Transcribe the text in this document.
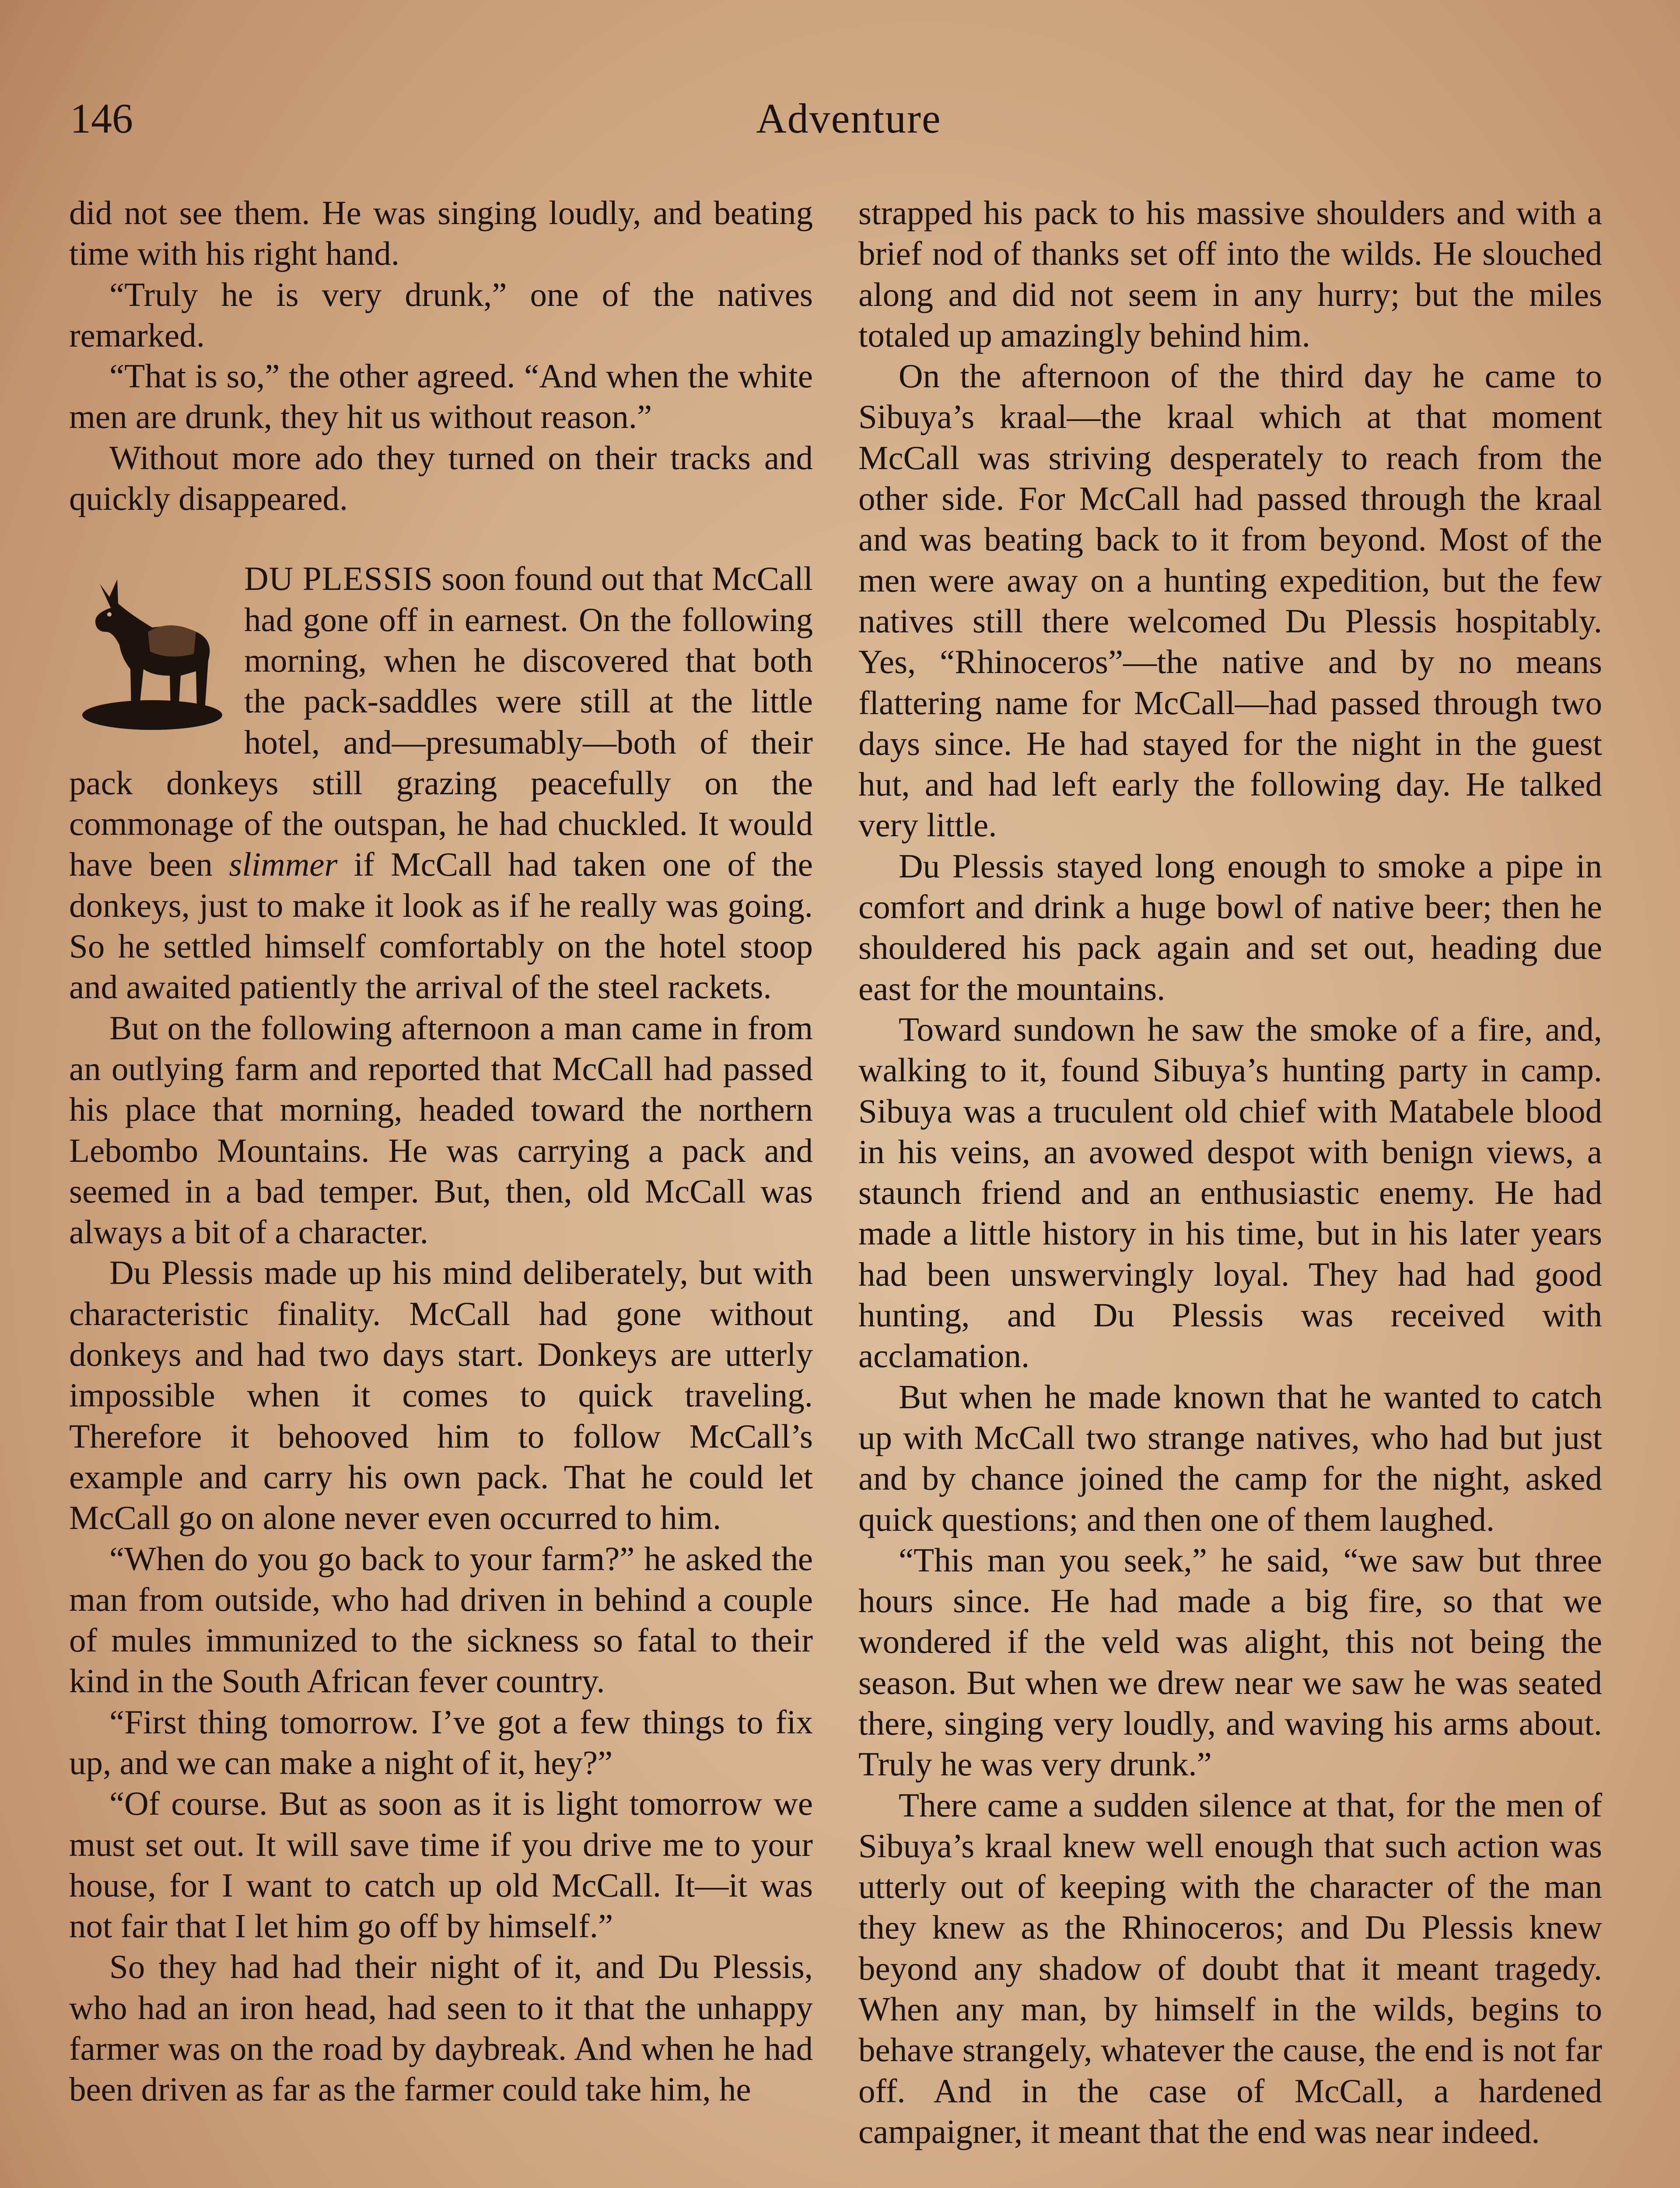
146	Adventure

did not see them. He was singing loudly, and beating time with his right hand.

“Truly he is very drunk,” one of the natives remarked.

“That is so,” the other agreed. “And when the white men are drunk, they hit us without reason.”

Without more ado they turned on their tracks and quickly disappeared.

DU PLESSIS soon found out that McCall had gone off in earnest. On the following morning, when he discovered that both the pack-saddles were still at the little hotel, and—presumably—both of their pack donkeys still grazing peacefully on the commonage of the outspan, he had chuckled. It would have been slimmer if McCall had taken one of the donkeys, just to make it look as if he really was going. So he settled himself comfortably on the hotel stoop and awaited patiently the arrival of the steel rackets.

But on the following afternoon a man came in from an outlying farm and reported that McCall had passed his place that morning, headed toward the northern Lebombo Mountains. He was carrying a pack and seemed in a bad temper. But, then, old McCall was always a bit of a character.

Du Plessis made up his mind deliberately, but with characteristic finality. McCall had gone without donkeys and had two days start. Donkeys are utterly impossible when it comes to quick traveling. Therefore it behooved him to follow McCall’s example and carry his own pack. That he could let McCall go on alone never even occurred to him.

“When do you go back to your farm?” he asked the man from outside, who had driven in behind a couple of mules immunized to the sickness so fatal to their kind in the South African fever country.

“First thing tomorrow. I’ve got a few things to fix up, and we can make a night of it, hey?”

“Of course. But as soon as it is light tomorrow we must set out. It will save time if you drive me to your house, for I want to catch up old McCall. It—it was not fair that I let him go off by himself.”

So they had had their night of it, and Du Plessis, who had an iron head, had seen to it that the unhappy farmer was on the road by daybreak. And when he had been driven as far as the farmer could take him, he

strapped his pack to his massive shoulders and with a brief nod of thanks set off into the wilds. He slouched along and did not seem in any hurry; but the miles totaled up amazingly behind him.

On the afternoon of the third day he came to Sibuya’s kraal—the kraal which at that moment McCall was striving desperately to reach from the other side. For McCall had passed through the kraal and was beating back to it from beyond. Most of the men were away on a hunting expedition, but the few natives still there welcomed Du Plessis hospitably. Yes, “Rhinoceros”—the native and by no means flattering name for McCall—had passed through two days since. He had stayed for the night in the guest hut, and had left early the following day. He talked very little.

Du Plessis stayed long enough to smoke a pipe in comfort and drink a huge bowl of native beer; then he shouldered his pack again and set out, heading due east for the mountains.

Toward sundown he saw the smoke of a fire, and, walking to it, found Sibuya’s hunting party in camp. Sibuya was a truculent old chief with Matabele blood in his veins, an avowed despot with benign views, a staunch friend and an enthusiastic enemy. He had made a little history in his time, but in his later years had been unswervingly loyal. They had had good hunting, and Du Plessis was received with acclamation.

But when he made known that he wanted to catch up with McCall two strange natives, who had but just and by chance joined the camp for the night, asked quick questions; and then one of them laughed.

“This man you seek,” he said, “we saw but three hours since. He had made a big fire, so that we wondered if the veld was alight, this not being the season. But when we drew near we saw he was seated there, singing very loudly, and waving his arms about. Truly he was very drunk.”

There came a sudden silence at that, for the men of Sibuya’s kraal knew well enough that such action was utterly out of keeping with the character of the man they knew as the Rhinoceros; and Du Plessis knew beyond any shadow of doubt that it meant tragedy. When any man, by himself in the wilds, begins to behave strangely, whatever the cause, the end is not far off. And in the case of McCall, a hardened campaigner, it meant that the end was near indeed.
